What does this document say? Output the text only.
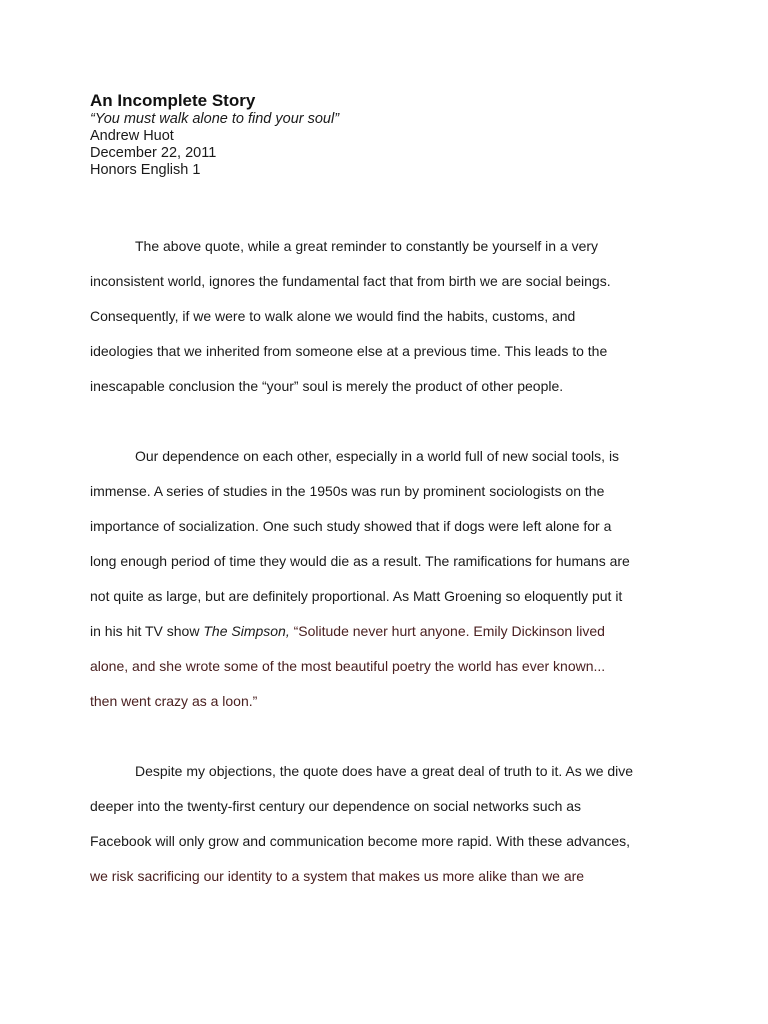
An Incomplete Story

“You must walk alone to find your soul”

Andrew Huot

December 22, 2011

Honors English 1

The above quote, while a great reminder to constantly be yourself in a very
inconsistent world, ignores the fundamental fact that from birth we are social beings.
Consequently, if we were to walk alone we would find the habits, customs, and
ideologies that we inherited from someone else at a previous time. This leads to the
inescapable conclusion the “your” soul is merely the product of other people.
Our dependence on each other, especially in a world full of new social tools, is
immense. A series of studies in the 1950s was run by prominent sociologists on the
importance of socialization. One such study showed that if dogs were left alone for a
long enough period of time they would die as a result. The ramifications for humans are
not quite as large, but are definitely proportional. As Matt Groening so eloquently put it
in his hit TV show The Simpson, “Solitude never hurt anyone. Emily Dickinson lived
alone, and she wrote some of the most beautiful poetry the world has ever known...
then went crazy as a loon.”
Despite my objections, the quote does have a great deal of truth to it. As we dive
deeper into the twenty-first century our dependence on social networks such as
Facebook will only grow and communication become more rapid. With these advances,
we risk sacrificing our identity to a system that makes us more alike than we are
